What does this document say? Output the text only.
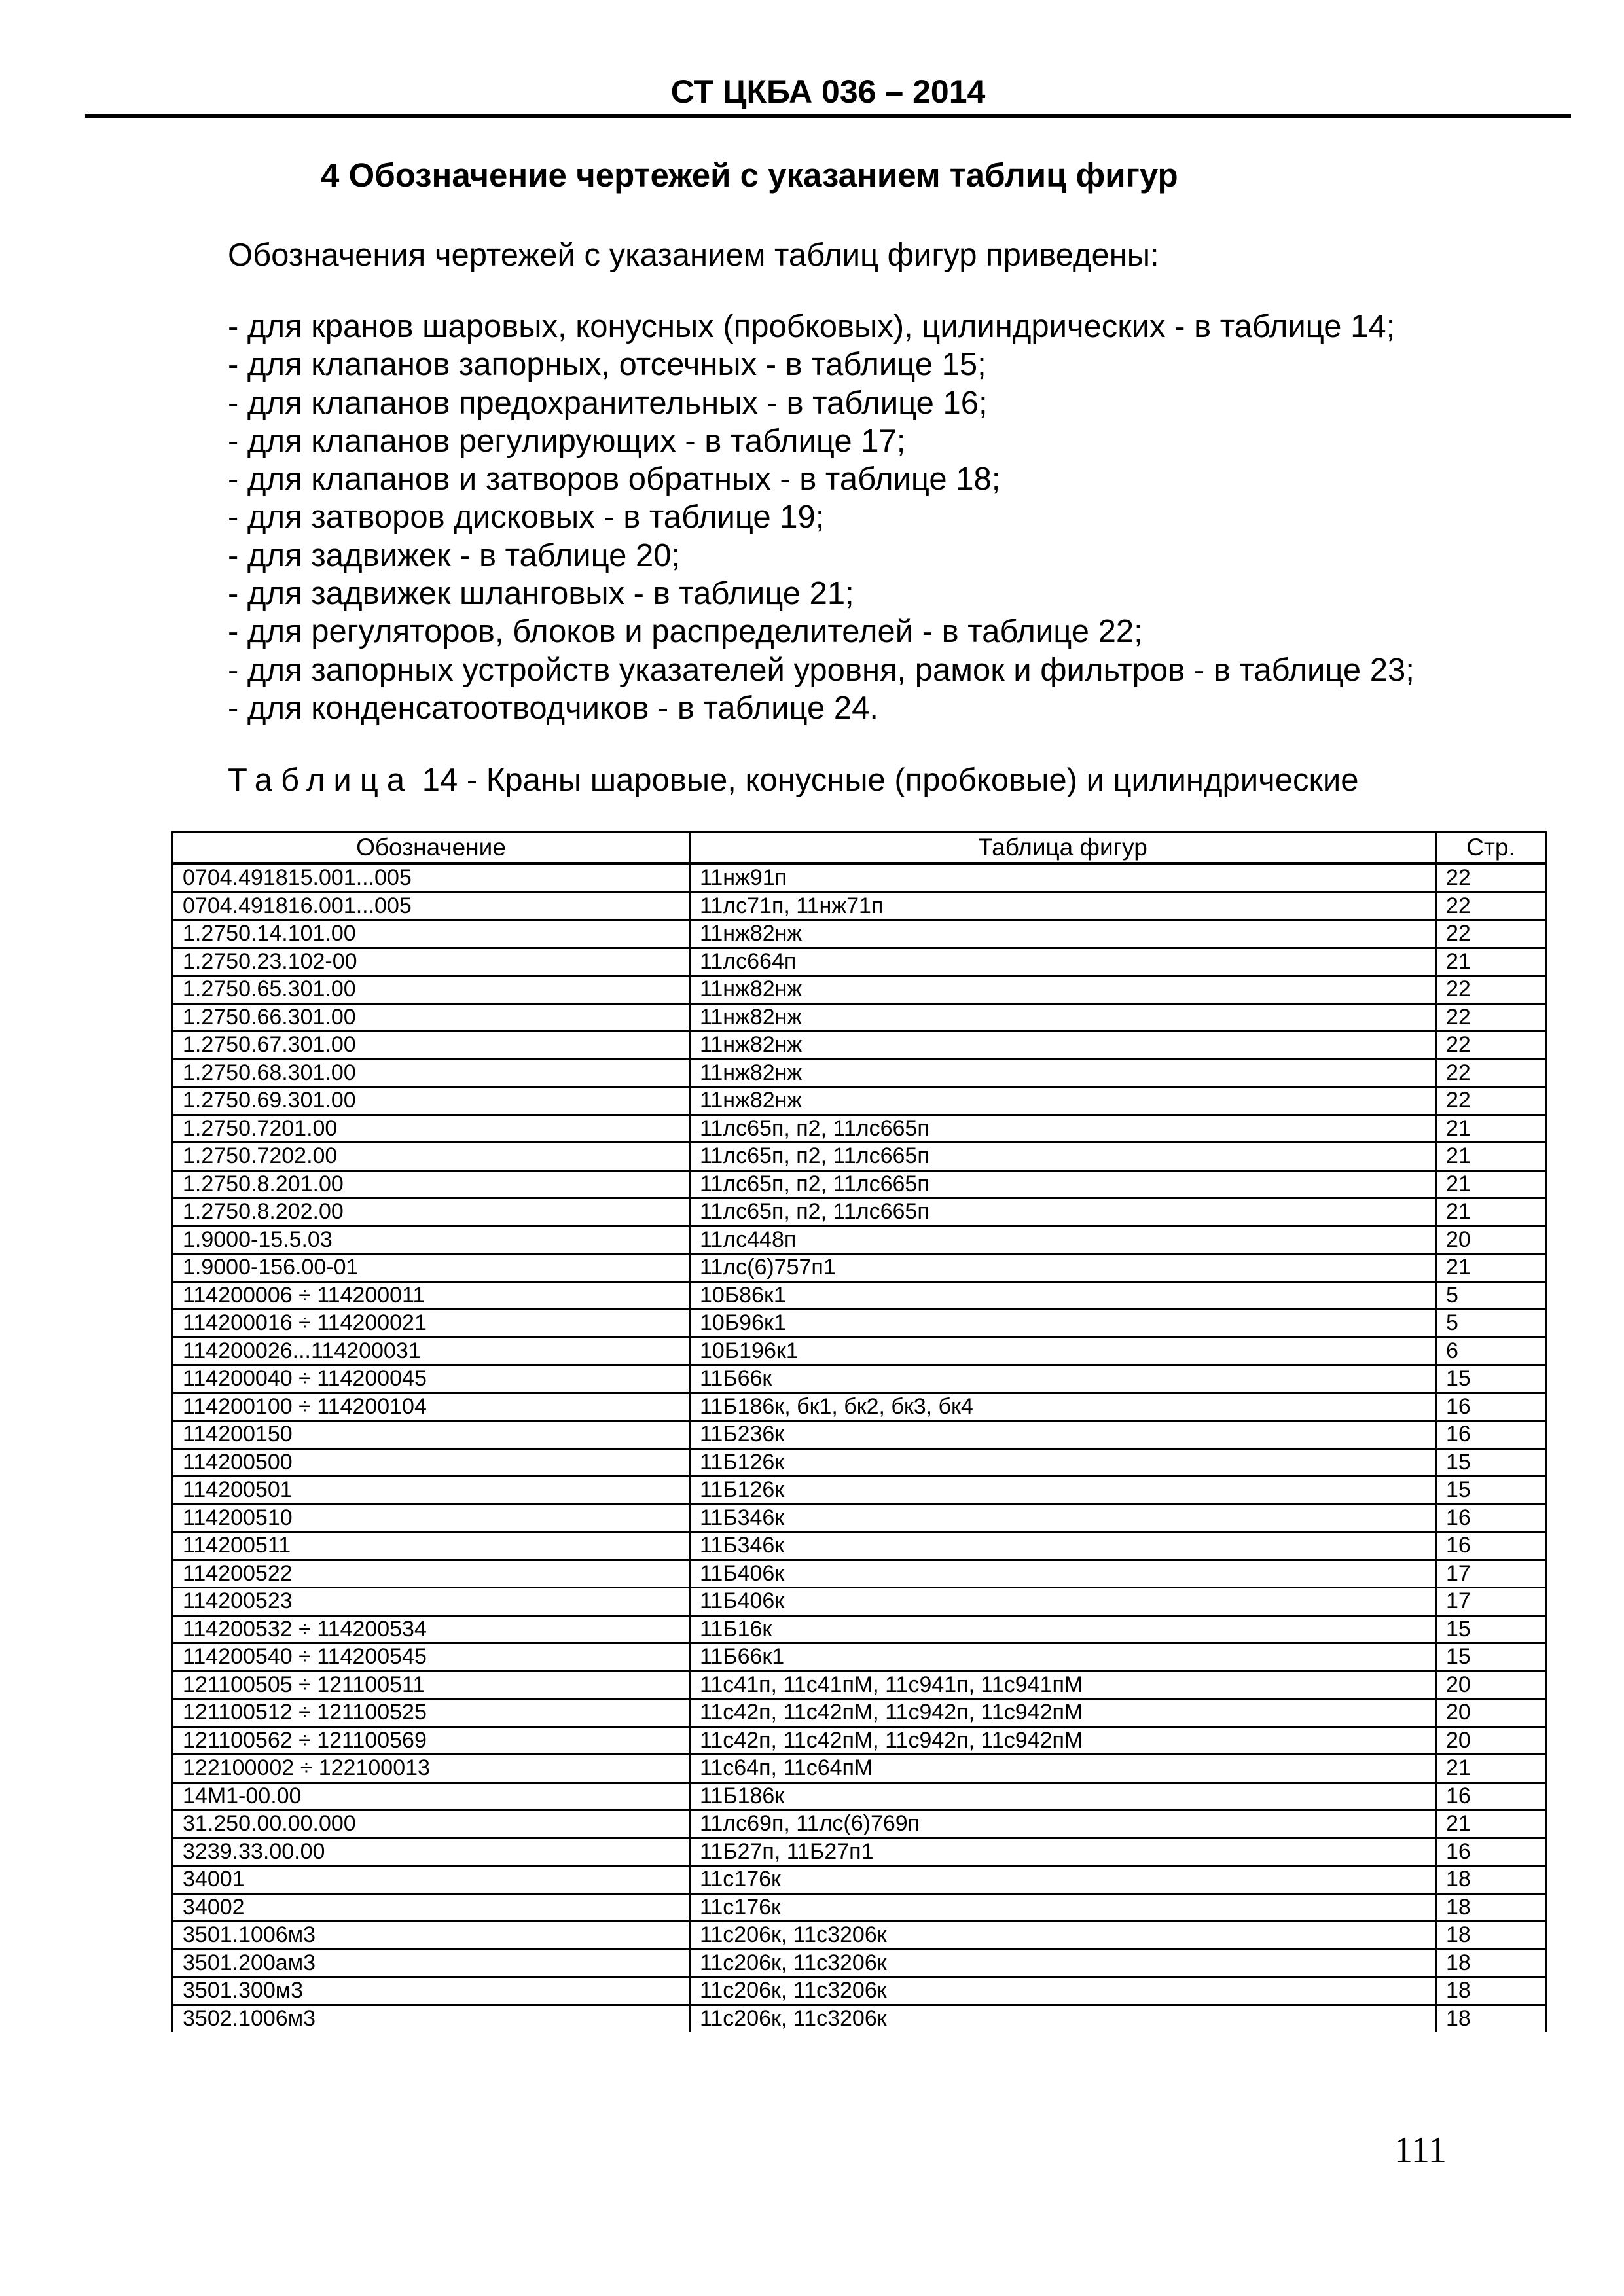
СТ ЦКБА 036 – 2014
4 Обозначение чертежей с указанием таблиц фигур
Обозначения чертежей с указанием таблиц фигур приведены:
- для кранов шаровых, конусных (пробковых), цилиндрических - в таблице 14;
- для клапанов запорных, отсечных - в таблице 15;
- для клапанов предохранительных - в таблице 16;
- для клапанов регулирующих - в таблице 17;
- для клапанов и затворов обратных - в таблице 18;
- для затворов дисковых - в таблице 19;
- для задвижек - в таблице 20;
- для задвижек шланговых - в таблице 21;
- для регуляторов, блоков и распределителей - в таблице 22;
- для запорных устройств указателей уровня, рамок и фильтров - в таблице 23;
- для конденсатоотводчиков - в таблице 24.
Таблица 14 - Краны шаровые, конусные (пробковые) и цилиндрические
Обозначение	Таблица фигур	Стр.
0704.491815.001...005	11нж91п	22
0704.491816.001...005	11лс71п, 11нж71п	22
1.2750.14.101.00	11нж82нж	22
1.2750.23.102-00	11лс664п	21
1.2750.65.301.00	11нж82нж	22
1.2750.66.301.00	11нж82нж	22
1.2750.67.301.00	11нж82нж	22
1.2750.68.301.00	11нж82нж	22
1.2750.69.301.00	11нж82нж	22
1.2750.7201.00	11лс65п, п2, 11лс665п	21
1.2750.7202.00	11лс65п, п2, 11лс665п	21
1.2750.8.201.00	11лс65п, п2, 11лс665п	21
1.2750.8.202.00	11лс65п, п2, 11лс665п	21
1.9000-15.5.03	11лс448п	20
1.9000-156.00-01	11лс(6)757п1	21
114200006 ÷ 114200011	10Б86к1	5
114200016 ÷ 114200021	10Б96к1	5
114200026...114200031	10Б196к1	6
114200040 ÷ 114200045	11Б66к	15
114200100 ÷ 114200104	11Б186к, бк1, бк2, бк3, бк4	16
114200150	11Б236к	16
114200500	11Б126к	15
114200501	11Б126к	15
114200510	11Б346к	16
114200511	11Б346к	16
114200522	11Б406к	17
114200523	11Б406к	17
114200532 ÷ 114200534	11Б16к	15
114200540 ÷ 114200545	11Б66к1	15
121100505 ÷ 121100511	11с41п, 11с41пМ, 11с941п, 11с941пМ	20
121100512 ÷ 121100525	11с42п, 11с42пМ, 11с942п, 11с942пМ	20
121100562 ÷ 121100569	11с42п, 11с42пМ, 11с942п, 11с942пМ	20
122100002 ÷ 122100013	11с64п, 11с64пМ	21
14М1-00.00	11Б186к	16
31.250.00.00.000	11лс69п, 11лс(6)769п	21
3239.33.00.00	11Б27п, 11Б27п1	16
34001	11с176к	18
34002	11с176к	18
3501.1006м3	11с206к, 11с3206к	18
3501.200ам3	11с206к, 11с3206к	18
3501.300м3	11с206к, 11с3206к	18
3502.1006м3	11с206к, 11с3206к	18
111
